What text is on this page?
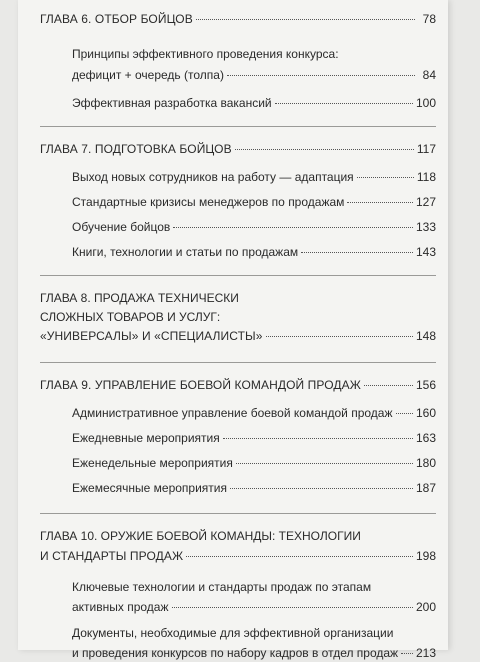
ГЛАВА 6. ОТБОР БОЙЦОВ	78
Принципы эффективного проведения конкурса:
дефицит + очередь (толпа)	84
Эффективная разработка вакансий	100
ГЛАВА 7. ПОДГОТОВКА БОЙЦОВ	117
Выход новых сотрудников на работу — адаптация	118
Стандартные кризисы менеджеров по продажам	127
Обучение бойцов	133
Книги, технологии и статьи по продажам	143
ГЛАВА 8. ПРОДАЖА ТЕХНИЧЕСКИ
СЛОЖНЫХ ТОВАРОВ И УСЛУГ:
«УНИВЕРСАЛЫ» И «СПЕЦИАЛИСТЫ»	148
ГЛАВА 9. УПРАВЛЕНИЕ БОЕВОЙ КОМАНДОЙ ПРОДАЖ	156
Административное управление боевой командой продаж 160
Ежедневные мероприятия	163
Еженедельные мероприятия	180
Ежемесячные мероприятия	187
ГЛАВА 10. ОРУЖИЕ БОЕВОЙ КОМАНДЫ: ТЕХНОЛОГИИ
И СТАНДАРТЫ ПРОДАЖ	198
Ключевые технологии и стандарты продаж по этапам
активных продаж	200
Документы, необходимые для эффективной организации
и проведения конкурсов по набору кадров в отдел продаж 213
